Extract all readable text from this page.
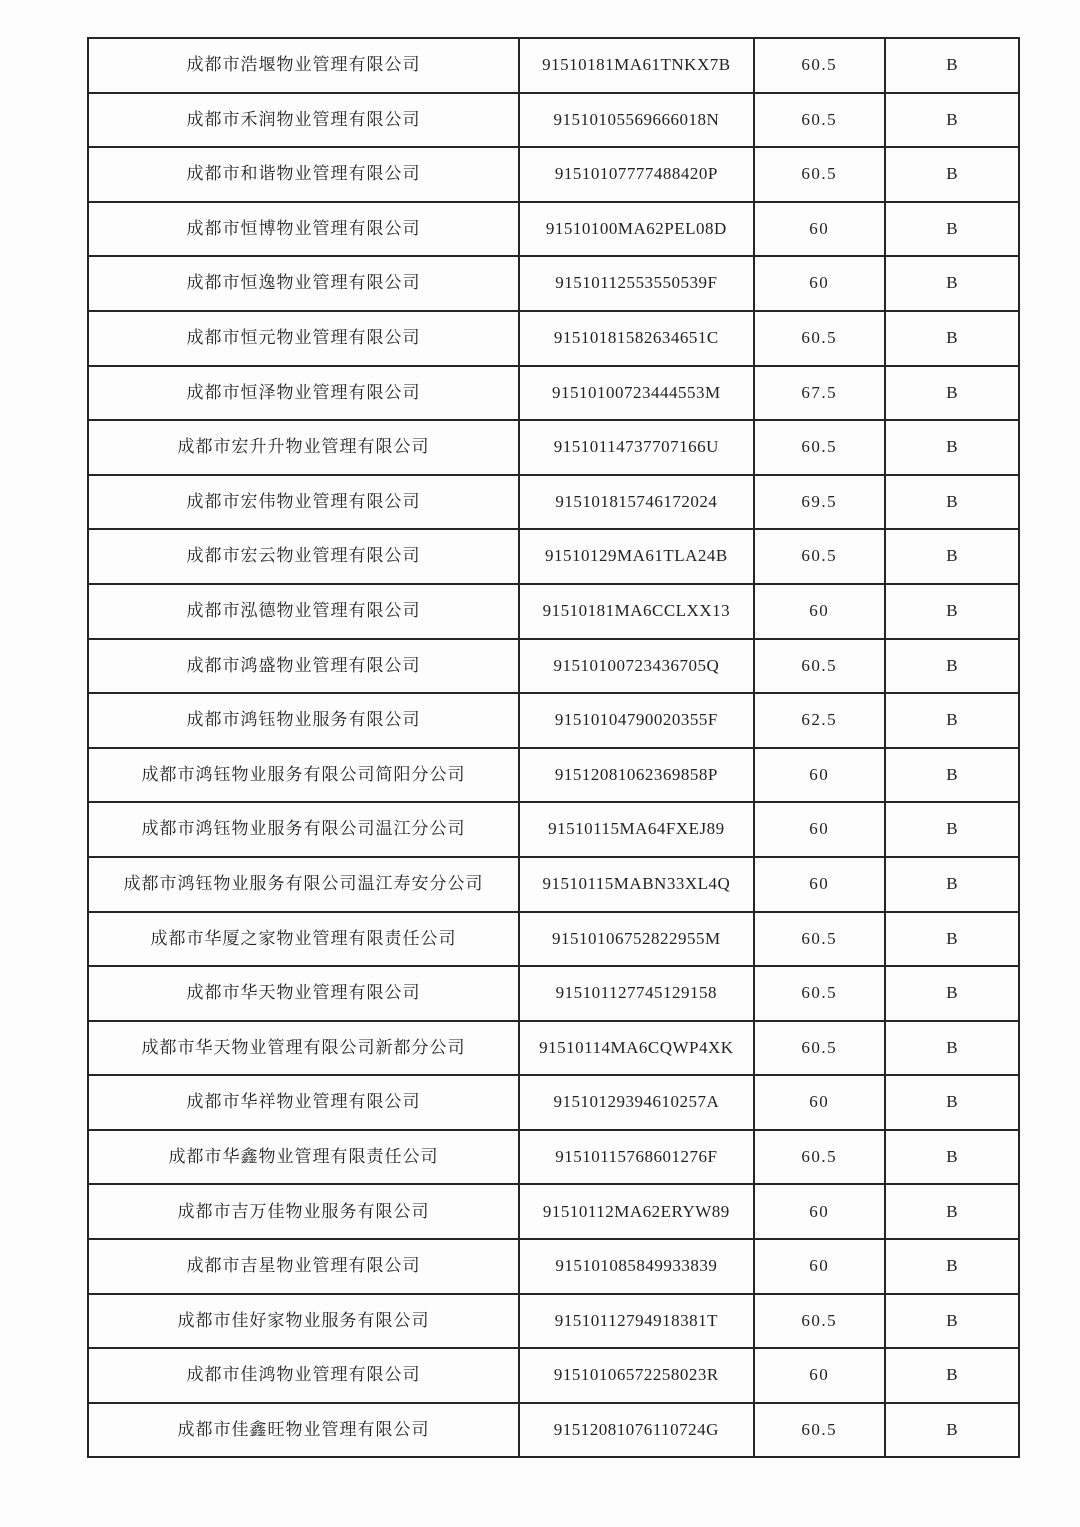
成都市浩堰物业管理有限公司	91510181MA61TNKX7B	60.5	B
成都市禾润物业管理有限公司	91510105569666018N	60.5	B
成都市和谐物业管理有限公司	91510107777488420P	60.5	B
成都市恒博物业管理有限公司	91510100MA62PEL08D	60	B
成都市恒逸物业管理有限公司	91510112553550539F	60	B
成都市恒元物业管理有限公司	91510181582634651C	60.5	B
成都市恒泽物业管理有限公司	91510100723444553M	67.5	B
成都市宏升升物业管理有限公司	91510114737707166U	60.5	B
成都市宏伟物业管理有限公司	915101815746172024	69.5	B
成都市宏云物业管理有限公司	91510129MA61TLA24B	60.5	B
成都市泓德物业管理有限公司	91510181MA6CCLXX13	60	B
成都市鸿盛物业管理有限公司	91510100723436705Q	60.5	B
成都市鸿钰物业服务有限公司	91510104790020355F	62.5	B
成都市鸿钰物业服务有限公司简阳分公司	91512081062369858P	60	B
成都市鸿钰物业服务有限公司温江分公司	91510115MA64FXEJ89	60	B
成都市鸿钰物业服务有限公司温江寿安分公司	91510115MABN33XL4Q	60	B
成都市华厦之家物业管理有限责任公司	91510106752822955M	60.5	B
成都市华天物业管理有限公司	915101127745129158	60.5	B
成都市华天物业管理有限公司新都分公司	91510114MA6CQWP4XK	60.5	B
成都市华祥物业管理有限公司	91510129394610257A	60	B
成都市华鑫物业管理有限责任公司	91510115768601276F	60.5	B
成都市吉万佳物业服务有限公司	91510112MA62ERYW89	60	B
成都市吉星物业管理有限公司	915101085849933839	60	B
成都市佳好家物业服务有限公司	91510112794918381T	60.5	B
成都市佳鸿物业管理有限公司	91510106572258023R	60	B
成都市佳鑫旺物业管理有限公司	91512081076110724G	60.5	B
